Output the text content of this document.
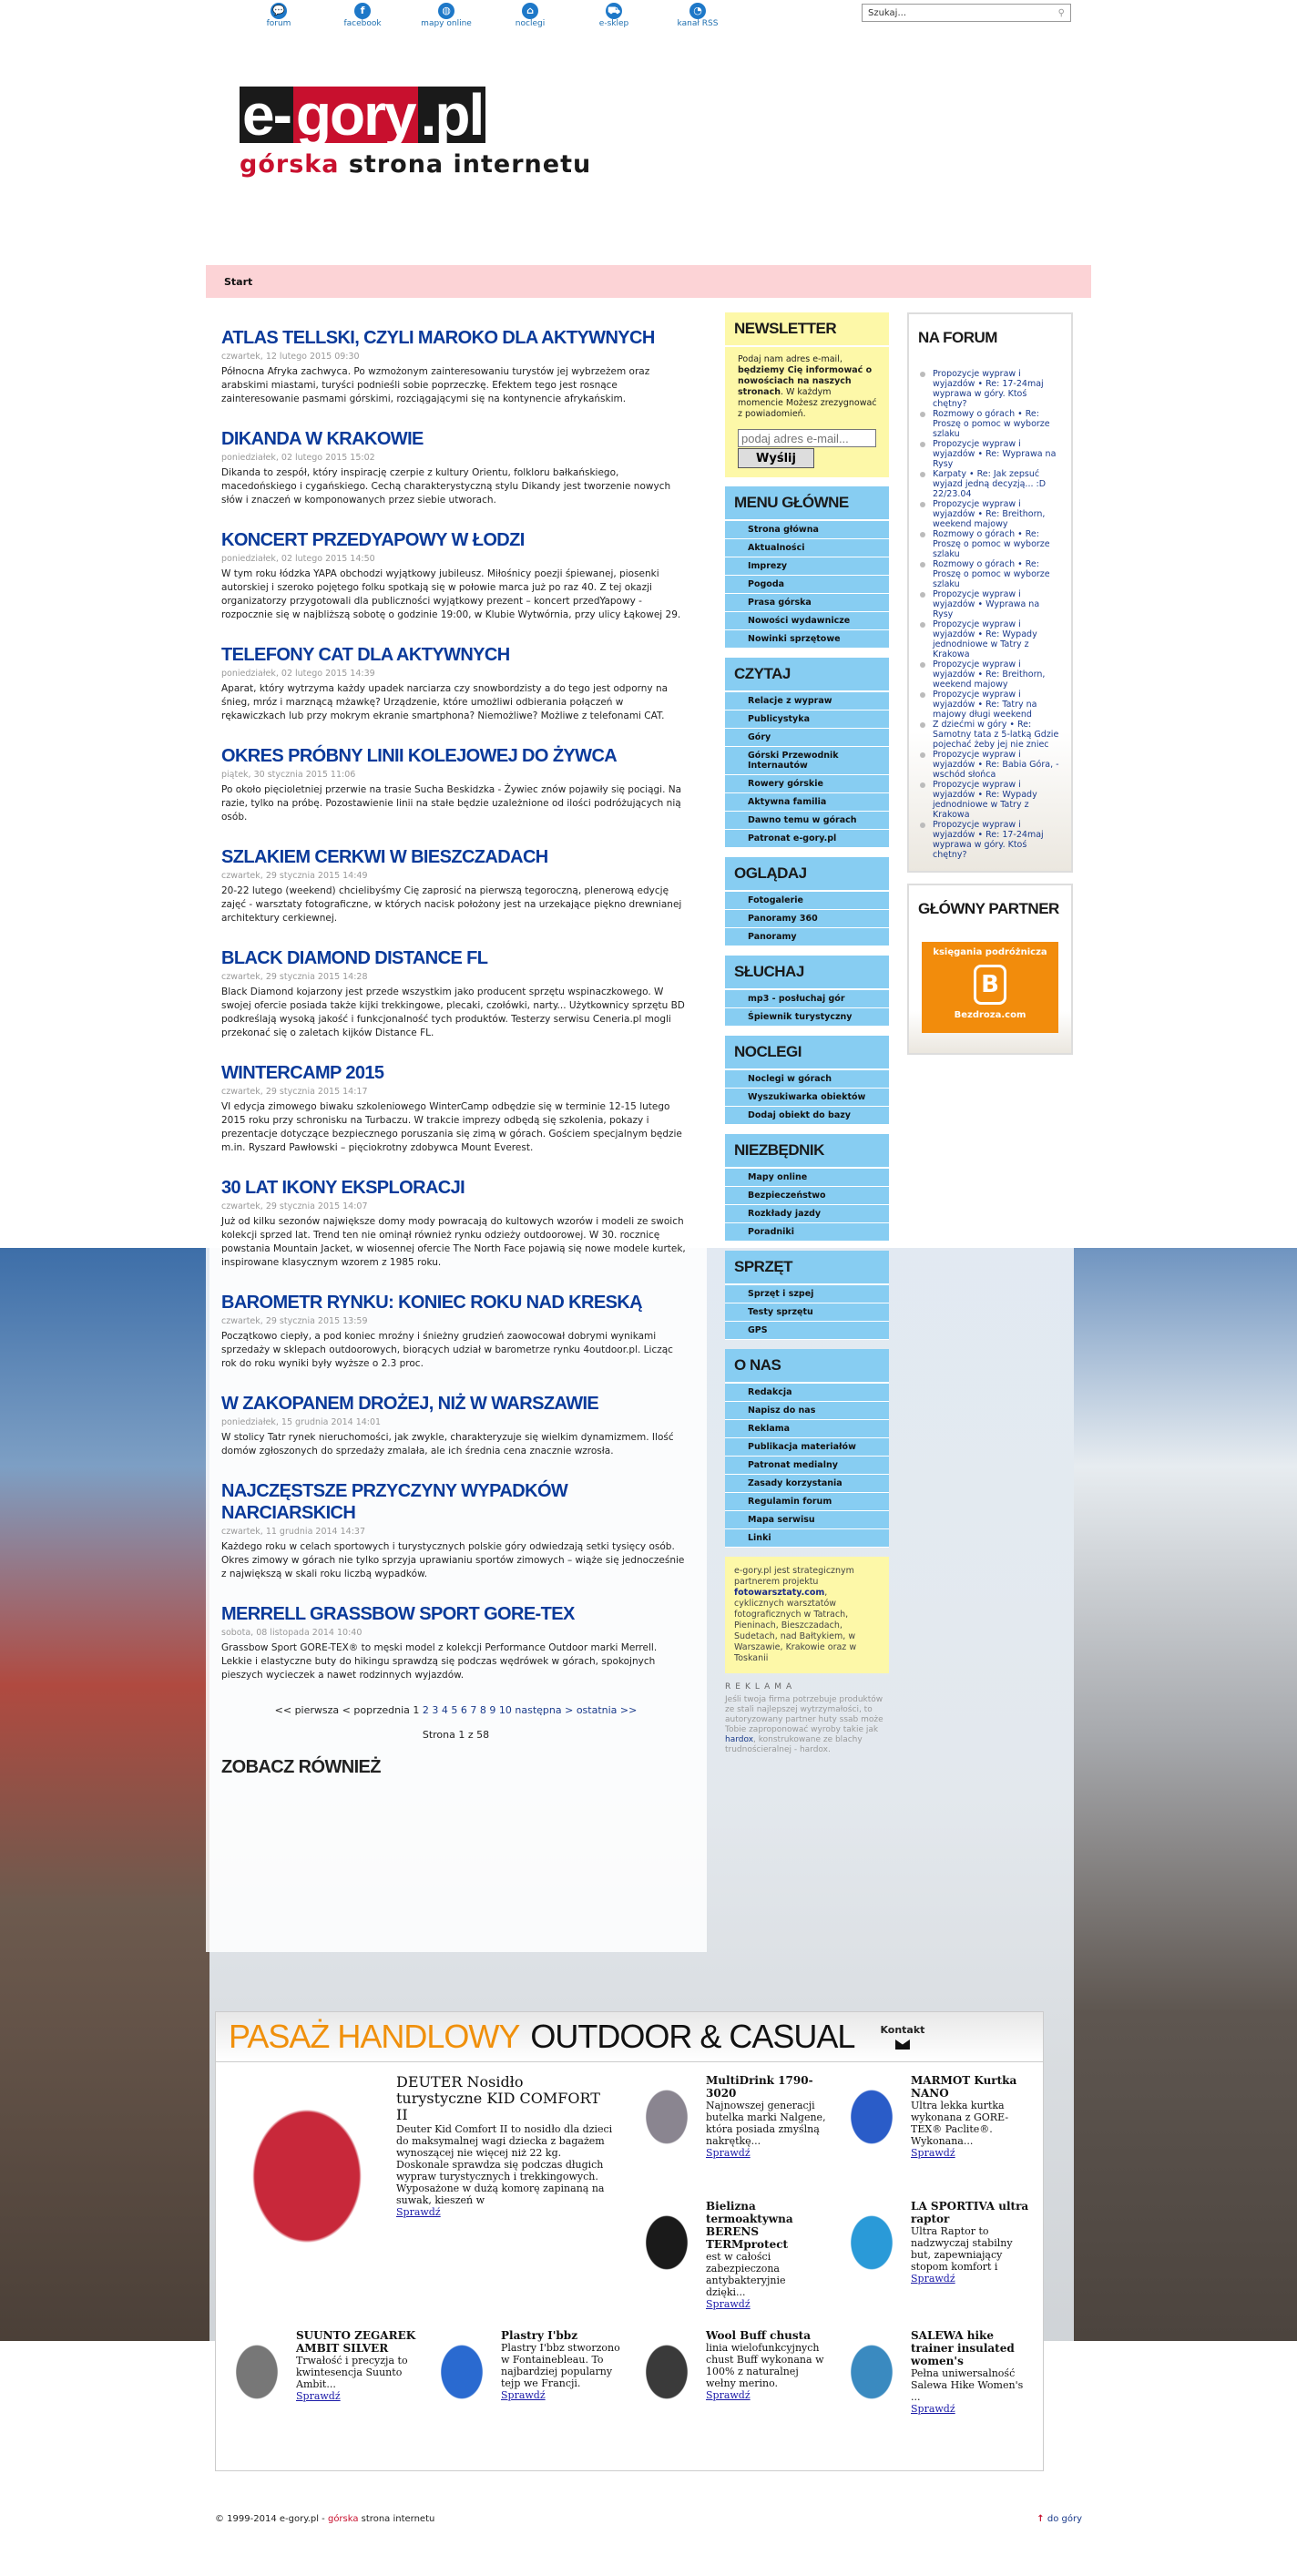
💬
forum
f
facebook
◍
mapy online
⌂
noclegi
⛟
e-sklep
◔
kanał RSS
Szukaj...	⚲
e- gory .pl
górska strona internetu
Start
ATLAS TELLSKI, CZYLI MAROKO DLA AKTYWNYCH
czwartek, 12 lutego 2015 09:30

Północna Afryka zachwyca. Po wzmożonym zainteresowaniu turystów jej wybrzeżem oraz arabskimi miastami, turyści podnieśli sobie poprzeczkę. Efektem tego jest rosnące zainteresowanie pasmami górskimi, rozciągającymi się na kontynencie afrykańskim.

DIKANDA W KRAKOWIE
poniedziałek, 02 lutego 2015 15:02

Dikanda to zespół, który inspirację czerpie z kultury Orientu, folkloru bałkańskiego, macedońskiego i cygańskiego. Cechą charakterystyczną stylu Dikandy jest tworzenie nowych słów i znaczeń w komponowanych przez siebie utworach.

KONCERT PRZEDYAPOWY W ŁODZI
poniedziałek, 02 lutego 2015 14:50

W tym roku łódzka YAPA obchodzi wyjątkowy jubileusz. Miłośnicy poezji śpiewanej, piosenki autorskiej i szeroko pojętego folku spotkają się w połowie marca już po raz 40. Z tej okazji organizatorzy przygotowali dla publiczności wyjątkowy prezent – koncert przedYapowy - rozpocznie się w najbliższą sobotę o godzinie 19:00, w Klubie Wytwórnia, przy ulicy Łąkowej 29.

TELEFONY CAT DLA AKTYWNYCH
poniedziałek, 02 lutego 2015 14:39

Aparat, który wytrzyma każdy upadek narciarza czy snowbordzisty a do tego jest odporny na śnieg, mróz i marznącą mżawkę? Urządzenie, które umożliwi odbierania połączeń w rękawiczkach lub przy mokrym ekranie smartphona? Niemożliwe? Możliwe z telefonami CAT.

OKRES PRÓBNY LINII KOLEJOWEJ DO ŻYWCA
piątek, 30 stycznia 2015 11:06

Po około pięcioletniej przerwie na trasie Sucha Beskidzka - Żywiec znów pojawiły się pociągi. Na razie, tylko na próbę. Pozostawienie linii na stałe będzie uzależnione od ilości podróżujących nią osób.

SZLAKIEM CERKWI W BIESZCZADACH
czwartek, 29 stycznia 2015 14:49

20-22 lutego (weekend) chcielibyśmy Cię zaprosić na pierwszą tegoroczną, plenerową edycję zajęć - warsztaty fotograficzne, w których nacisk położony jest na urzekające piękno drewnianej architektury cerkiewnej.

BLACK DIAMOND DISTANCE FL
czwartek, 29 stycznia 2015 14:28

Black Diamond kojarzony jest przede wszystkim jako producent sprzętu wspinaczkowego. W swojej ofercie posiada także kijki trekkingowe, plecaki, czołówki, narty... Użytkownicy sprzętu BD podkreślają wysoką jakość i funkcjonalność tych produktów. Testerzy serwisu Ceneria.pl mogli przekonać się o zaletach kijków Distance FL.

WINTERCAMP 2015
czwartek, 29 stycznia 2015 14:17

VI edycja zimowego biwaku szkoleniowego WinterCamp odbędzie się w terminie 12-15 lutego 2015 roku przy schronisku na Turbaczu. W trakcie imprezy odbędą się szkolenia, pokazy i prezentacje dotyczące bezpiecznego poruszania się zimą w górach. Gościem specjalnym będzie m.in. Ryszard Pawłowski – pięciokrotny zdobywca Mount Everest.

30 LAT IKONY EKSPLORACJI
czwartek, 29 stycznia 2015 14:07

Już od kilku sezonów największe domy mody powracają do kultowych wzorów i modeli ze swoich kolekcji sprzed lat. Trend ten nie ominął również rynku odzieży outdoorowej. W 30. rocznicę powstania Mountain Jacket, w wiosennej ofercie The North Face pojawią się nowe modele kurtek, inspirowane klasycznym wzorem z 1985 roku.

BAROMETR RYNKU: KONIEC ROKU NAD KRESKĄ
czwartek, 29 stycznia 2015 13:59

Początkowo ciepły, a pod koniec mroźny i śnieżny grudzień zaowocował dobrymi wynikami sprzedaży w sklepach outdoorowych, biorących udział w barometrze rynku 4outdoor.pl. Licząc rok do roku wyniki były wyższe o 2.3 proc.

W ZAKOPANEM DROŻEJ, NIŻ W WARSZAWIE
poniedziałek, 15 grudnia 2014 14:01

W stolicy Tatr rynek nieruchomości, jak zwykle, charakteryzuje się wielkim dynamizmem. Ilość domów zgłoszonych do sprzedaży zmalała, ale ich średnia cena znacznie wzrosła.

NAJCZĘSTSZE PRZYCZYNY WYPADKÓW NARCIARSKICH
czwartek, 11 grudnia 2014 14:37

Każdego roku w celach sportowych i turystycznych polskie góry odwiedzają setki tysięcy osób. Okres zimowy w górach nie tylko sprzyja uprawianiu sportów zimowych – wiąże się jednocześnie z największą w skali roku liczbą wypadków.

MERRELL GRASSBOW SPORT GORE-TEX
sobota, 08 listopada 2014 10:40

Grassbow Sport GORE-TEX® to męski model z kolekcji Performance Outdoor marki Merrell. Lekkie i elastyczne buty do hikingu sprawdzą się podczas wędrówek w górach, spokojnych pieszych wycieczek a nawet rodzinnych wyjazdów.

<< pierwsza < poprzednia 1 2 3 4 5 6 7 8 9 10 następna > ostatnia >>
Strona 1 z 58
ZOBACZ RÓWNIEŻ
NEWSLETTER

Podaj nam adres e-mail, będziemy Cię informować o nowościach na naszych stronach. W każdym momencie Możesz zrezygnować z powiadomień.

podaj adres e-mail...
Wyślij
MENU GŁÓWNE
Strona główna
Aktualności
Imprezy
Pogoda
Prasa górska
Nowości wydawnicze
Nowinki sprzętowe
CZYTAJ
Relacje z wypraw
Publicystyka
Góry
Górski Przewodnik Internautów
Rowery górskie
Aktywna familia
Dawno temu w górach
Patronat e-gory.pl
OGLĄDAJ
Fotogalerie
Panoramy 360
Panoramy
SŁUCHAJ
mp3 - posłuchaj gór
Śpiewnik turystyczny
NOCLEGI
Noclegi w górach
Wyszukiwarka obiektów
Dodaj obiekt do bazy
NIEZBĘDNIK
Mapy online
Bezpieczeństwo
Rozkłady jazdy
Poradniki
SPRZĘT
Sprzęt i szpej
Testy sprzętu
GPS
O NAS
Redakcja
Napisz do nas
Reklama
Publikacja materiałów
Patronat medialny
Zasady korzystania
Regulamin forum
Mapa serwisu
Linki
e-gory.pl jest strategicznym partnerem projektu fotowarsztaty.com, cyklicznych warsztatów fotograficznych w Tatrach, Pieninach, Bieszczadach, Sudetach, nad Bałtykiem, w Warszawie, Krakowie oraz w Toskanii
REKLAMA
Jeśli twoja firma potrzebuje produktów ze stali najlepszej wytrzymałości, to autoryzowany partner huty ssab może Tobie zaproponować wyroby takie jak hardox, konstrukowane ze blachy trudnościeralnej - hardox.
NA FORUM
Propozycje wypraw i wyjazdów • Re: 17-24maj wyprawa w góry. Ktoś chętny?
Rozmowy o górach • Re: Proszę o pomoc w wyborze szlaku
Propozycje wypraw i wyjazdów • Re: Wyprawa na Rysy
Karpaty • Re: Jak zepsuć wyjazd jedną decyzją... :D 22/23.04
Propozycje wypraw i wyjazdów • Re: Breithorn, weekend majowy
Rozmowy o górach • Re: Proszę o pomoc w wyborze szlaku
Rozmowy o górach • Re: Proszę o pomoc w wyborze szlaku
Propozycje wypraw i wyjazdów • Wyprawa na Rysy
Propozycje wypraw i wyjazdów • Re: Wypady jednodniowe w Tatry z Krakowa
Propozycje wypraw i wyjazdów • Re: Breithorn, weekend majowy
Propozycje wypraw i wyjazdów • Re: Tatry na majowy długi weekend
Z dziećmi w góry • Re: Samotny tata z 5-latką Gdzie pojechać żeby jej nie zniec
Propozycje wypraw i wyjazdów • Re: Babia Góra, - wschód słońca
Propozycje wypraw i wyjazdów • Re: Wypady jednodniowe w Tatry z Krakowa
Propozycje wypraw i wyjazdów • Re: 17-24maj wyprawa w góry. Ktoś chętny?
GŁÓWNY PARTNER
księgania podróżnicza
B
Bezdroza.com
PASAŻ HANDLOWY OUTDOOR & CASUAL	Kontakt
DEUTER Nosidło turystyczne KID COMFORT II
Deuter Kid Comfort II to nosidło dla dzieci do maksymalnej wagi dziecka z bagażem wynoszącej nie więcej niż 22 kg. Doskonale sprawdza się podczas długich wypraw turystycznych i trekkingowych. Wyposażone w dużą komorę zapinaną na suwak, kieszeń w
Sprawdź
MultiDrink 1790-3020
Najnowszej generacji butelka marki Nalgene, która posiada zmyślną nakrętkę...
Sprawdź
MARMOT Kurtka NANO
Ultra lekka kurtka wykonana z GORE-TEX® Paclite®. Wykonana...
Sprawdź
Bielizna termoaktywna BERENS TERMprotect
est w całości zabezpieczona antybakteryjnie dzięki...
Sprawdź
LA SPORTIVA ultra raptor
Ultra Raptor to nadzwyczaj stabilny but, zapewniający stopom komfort i
Sprawdź
SUUNTO ZEGAREK AMBIT SILVER
Trwałość i precyzja to kwintesencja Suunto Ambit...
Sprawdź
Plastry I'bbz
Plastry I'bbz stworzono w Fontainebleau. To najbardziej popularny tejp we Francji.
Sprawdź
Wool Buff chusta
linia wielofunkcyjnych chust Buff wykonana w 100% z naturalnej wełny merino.
Sprawdź
SALEWA hike trainer insulated women's
Pełna uniwersalność Salewa Hike Women's ...
Sprawdź
© 1999-2014 e-gory.pl - górska strona internetu	↑ do góry
